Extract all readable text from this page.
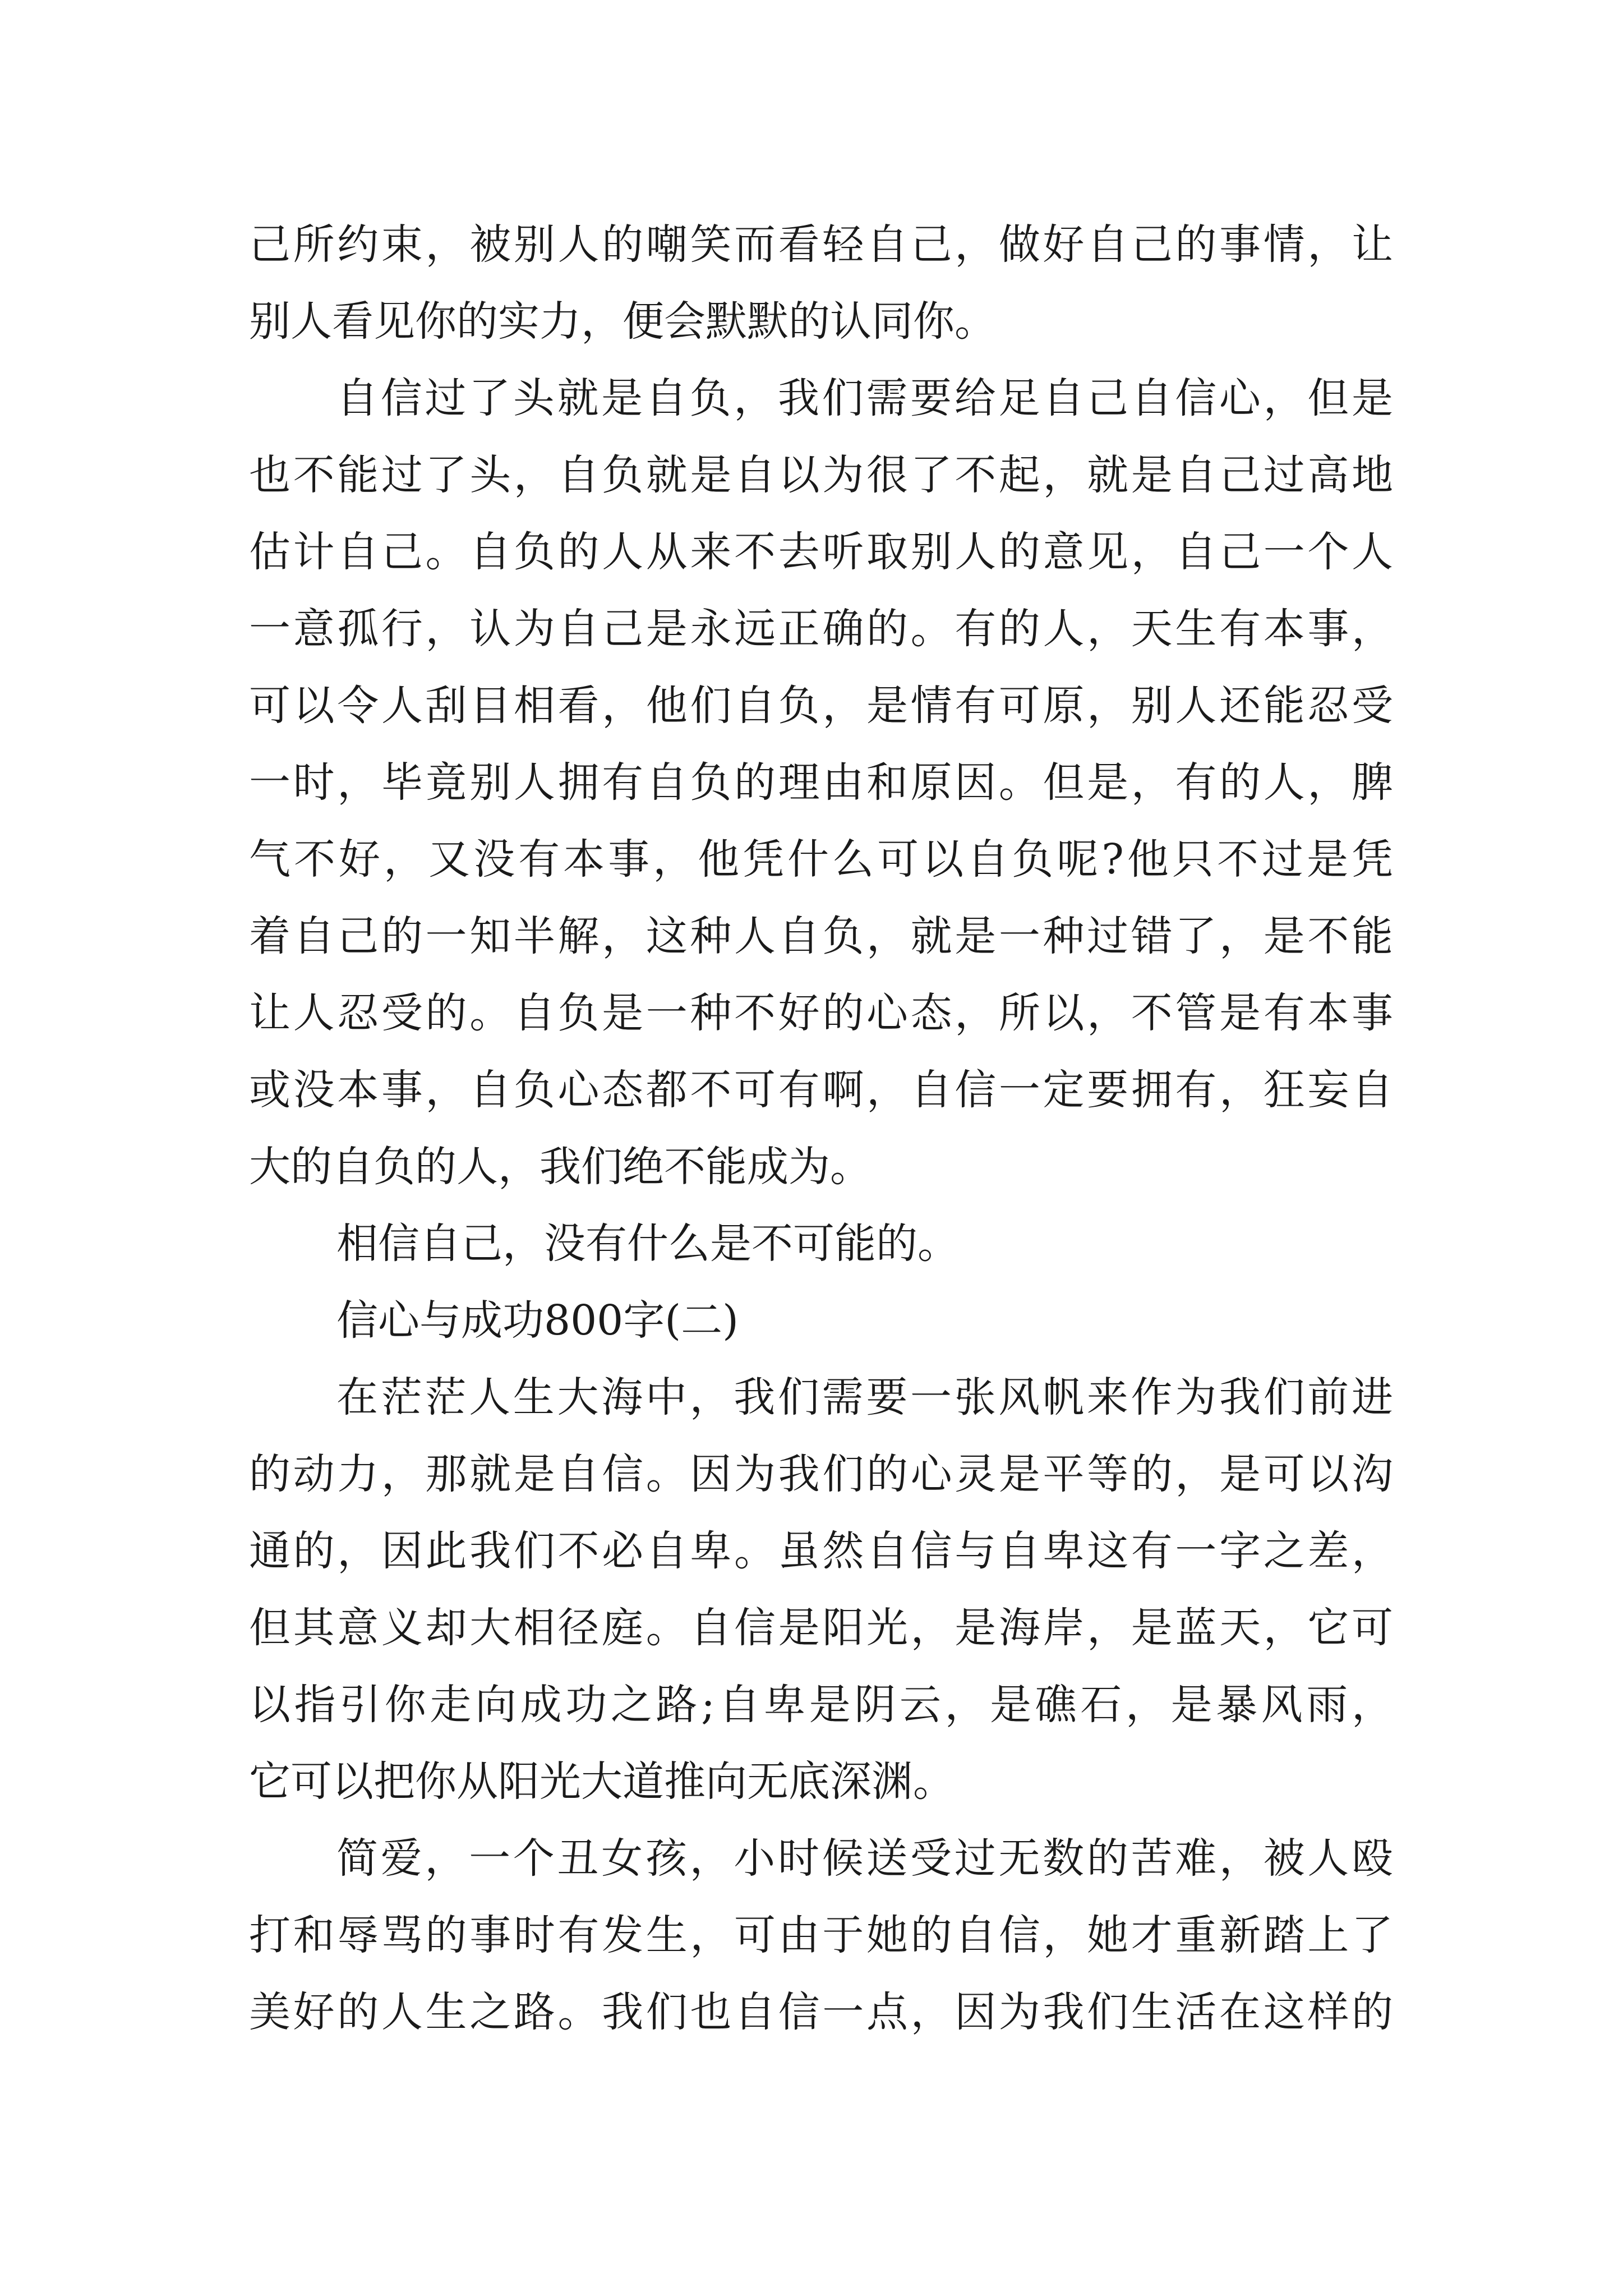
己所约束，被别人的嘲笑而看轻自己，做好自己的事情，让
别人看见你的实力，便会默默的认同你。
自信过了头就是自负，我们需要给足自己自信心，但是
也不能过了头，自负就是自以为很了不起，就是自己过高地
估计自己。自负的人从来不去听取别人的意见，自己一个人
一意孤行，认为自己是永远正确的。有的人，天生有本事，
可以令人刮目相看，他们自负，是情有可原，别人还能忍受
一时，毕竟别人拥有自负的理由和原因。但是，有的人，脾
气不好，又没有本事，他凭什么可以自负呢?他只不过是凭
着自己的一知半解，这种人自负，就是一种过错了，是不能
让人忍受的。自负是一种不好的心态，所以，不管是有本事
或没本事，自负心态都不可有啊，自信一定要拥有，狂妄自
大的自负的人，我们绝不能成为。
相信自己，没有什么是不可能的。
信心与成功800字(二)
在茫茫人生大海中，我们需要一张风帆来作为我们前进
的动力，那就是自信。因为我们的心灵是平等的，是可以沟
通的，因此我们不必自卑。虽然自信与自卑这有一字之差，
但其意义却大相径庭。自信是阳光，是海岸，是蓝天，它可
以指引你走向成功之路;自卑是阴云，是礁石，是暴风雨，
它可以把你从阳光大道推向无底深渊。
简爱，一个丑女孩，小时候送受过无数的苦难，被人殴
打和辱骂的事时有发生，可由于她的自信，她才重新踏上了
美好的人生之路。我们也自信一点，因为我们生活在这样的
